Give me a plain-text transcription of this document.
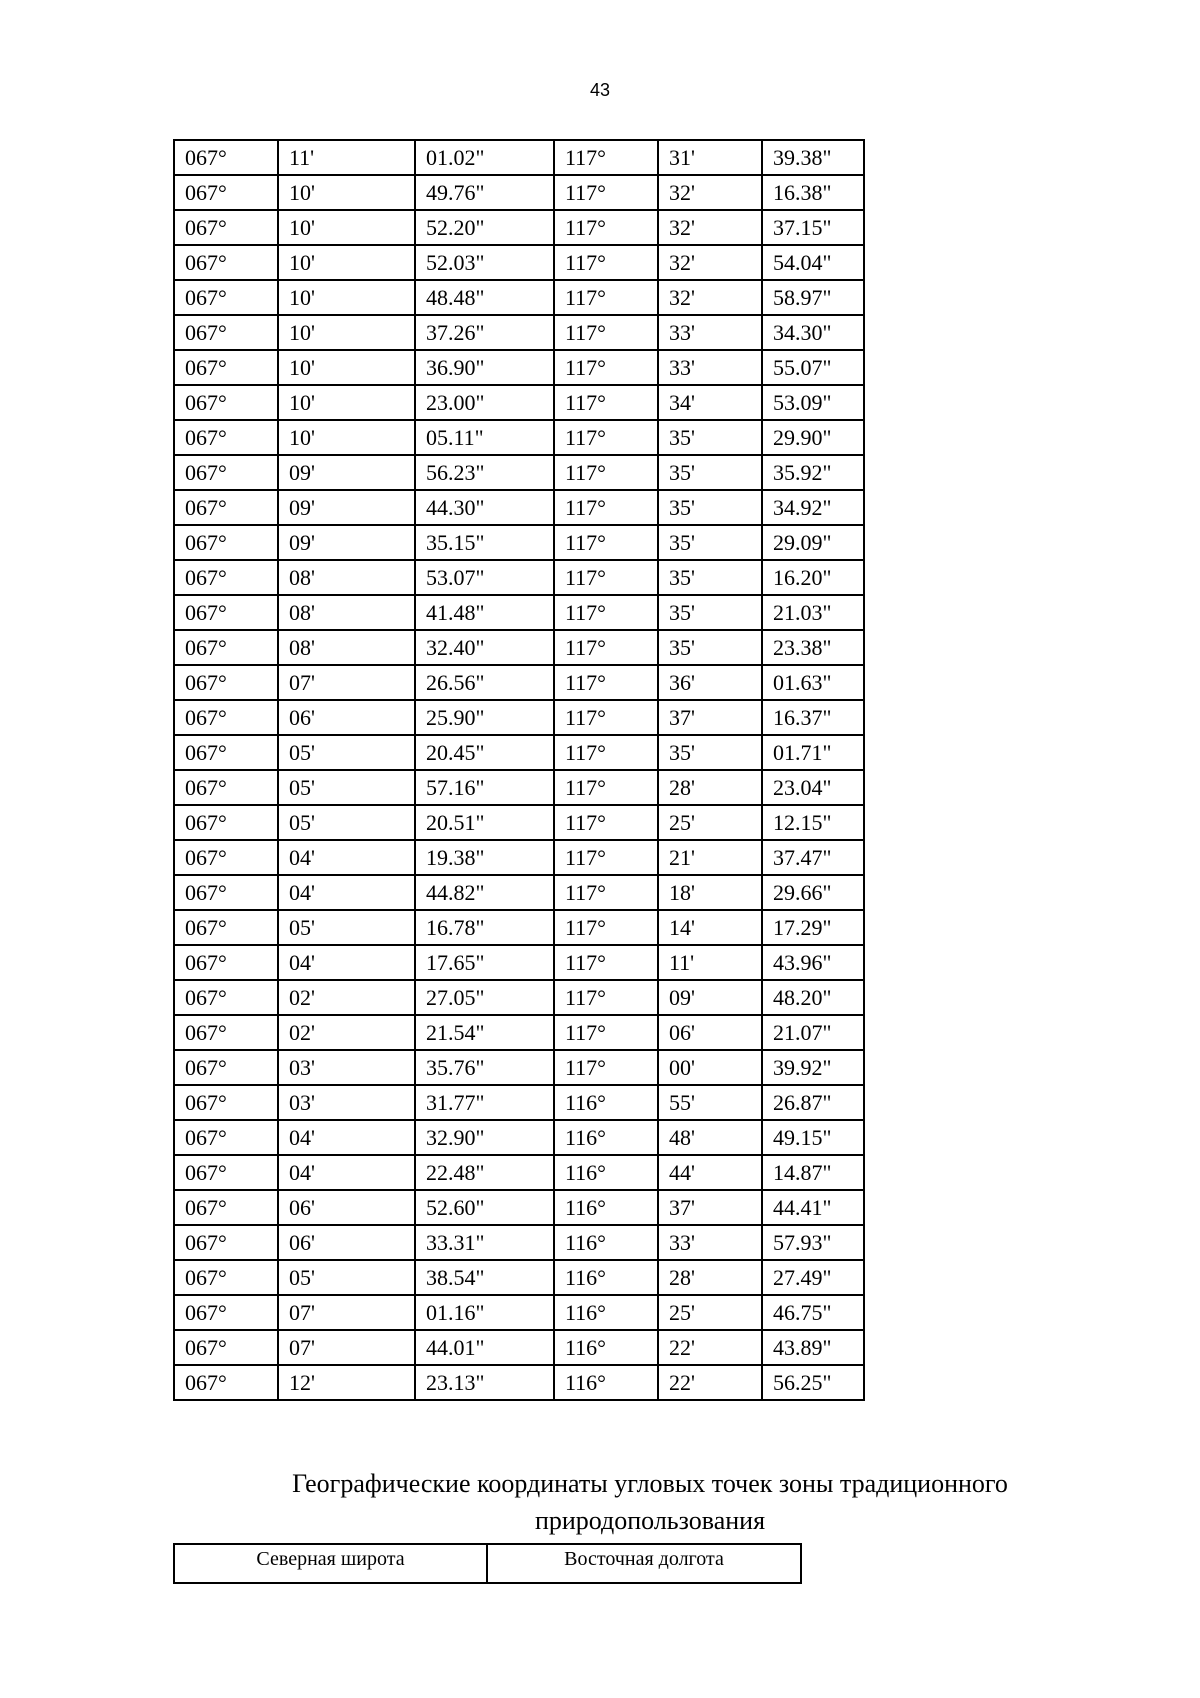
43
067°	11'	01.02"	117°	31'	39.38"
067°	10'	49.76"	117°	32'	16.38"
067°	10'	52.20"	117°	32'	37.15"
067°	10'	52.03"	117°	32'	54.04"
067°	10'	48.48"	117°	32'	58.97"
067°	10'	37.26"	117°	33'	34.30"
067°	10'	36.90"	117°	33'	55.07"
067°	10'	23.00"	117°	34'	53.09"
067°	10'	05.11"	117°	35'	29.90"
067°	09'	56.23"	117°	35'	35.92"
067°	09'	44.30"	117°	35'	34.92"
067°	09'	35.15"	117°	35'	29.09"
067°	08'	53.07"	117°	35'	16.20"
067°	08'	41.48"	117°	35'	21.03"
067°	08'	32.40"	117°	35'	23.38"
067°	07'	26.56"	117°	36'	01.63"
067°	06'	25.90"	117°	37'	16.37"
067°	05'	20.45"	117°	35'	01.71"
067°	05'	57.16"	117°	28'	23.04"
067°	05'	20.51"	117°	25'	12.15"
067°	04'	19.38"	117°	21'	37.47"
067°	04'	44.82"	117°	18'	29.66"
067°	05'	16.78"	117°	14'	17.29"
067°	04'	17.65"	117°	11'	43.96"
067°	02'	27.05"	117°	09'	48.20"
067°	02'	21.54"	117°	06'	21.07"
067°	03'	35.76"	117°	00'	39.92"
067°	03'	31.77"	116°	55'	26.87"
067°	04'	32.90"	116°	48'	49.15"
067°	04'	22.48"	116°	44'	14.87"
067°	06'	52.60"	116°	37'	44.41"
067°	06'	33.31"	116°	33'	57.93"
067°	05'	38.54"	116°	28'	27.49"
067°	07'	01.16"	116°	25'	46.75"
067°	07'	44.01"	116°	22'	43.89"
067°	12'	23.13"	116°	22'	56.25"
Географические координаты угловых точек зоны традиционного

природопользования
Северная широта	Восточная долгота
